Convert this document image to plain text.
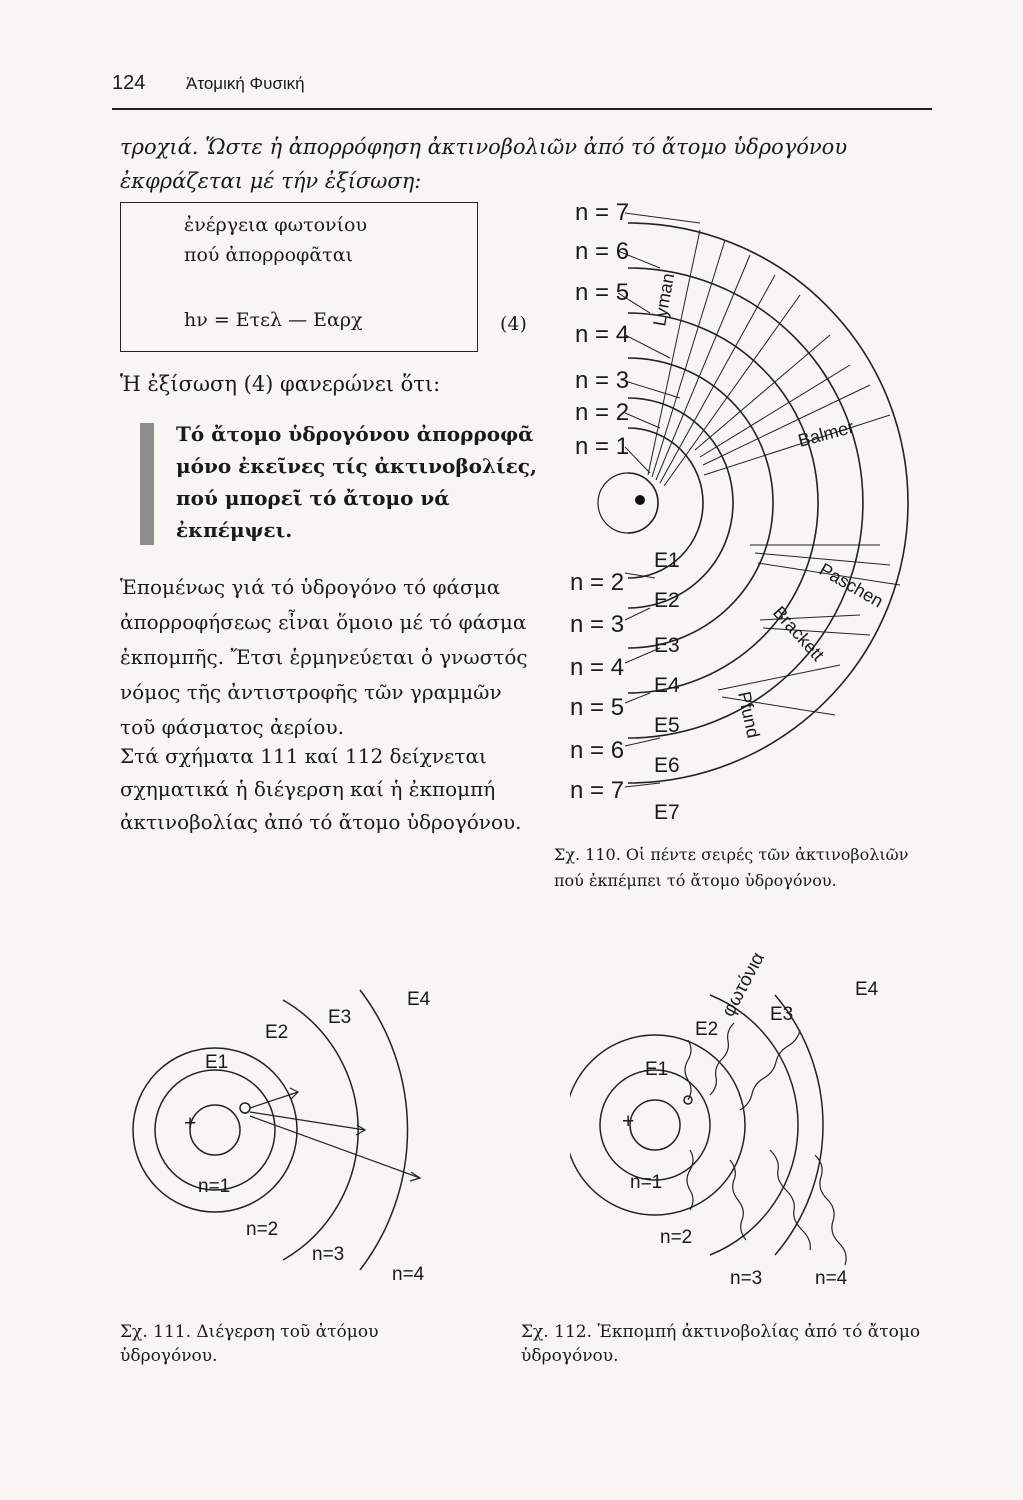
124 Ἀτομική Φυσική
τροχιά. Ὥστε ἡ ἀπορρόφηση ἀκτινοβολιῶν ἀπό τό ἄτομο ὑδρογόνου ἐκφράζεται μέ τήν ἐξίσωση:
ἐνέργεια φωτονίου
πού ἀπορροφᾶται
hν = Eτελ — Eαρχ	(4)
Ἡ ἐξίσωση (4) φανερώνει ὅτι:
Τό ἄτομο ὑδρογόνου ἀπορροφᾶ μόνο ἐκεῖνες τίς ἀκτινοβολίες, πού μπορεῖ τό ἄτομο νά ἐκπέμψει.
Ἑπομένως γιά τό ὑδρογόνο τό φάσμα ἀπορροφήσεως εἶναι ὅμοιο μέ τό φάσμα ἐκπομπῆς. Ἔτσι ἑρμηνεύεται ὁ γνωστός νόμος τῆς ἀντιστροφῆς τῶν γραμμῶν τοῦ φάσματος ἀερίου.
Στά σχήματα 111 καί 112 δείχνεται σχηματικά ἡ διέγερση καί ἡ ἐκπομπή ἀκτινοβολίας ἀπό τό ἄτομο ὑδρογόνου.
n = 7
n = 6
n = 5
n = 4
n = 3
n = 2
n = 1
n = 2
n = 3
n = 4
n = 5
n = 6
n = 7
E1
E2
E3
E4
E5
E6
E7
Lyman
Balmer
Paschen
Brackett
Pfund
Σχ. 110. Οἱ πέντε σειρές τῶν ἀκτινοβολιῶν πού ἐκπέμπει τό ἄτομο ὑδρογόνου.
+
E1
E2
E3
E4
n=1
n=2
n=3
n=4
Σχ. 111. Διέγερση τοῦ ἀτόμου ὑδρογόνου.
+
E1
E2
E3
E4
φωτόνια
n=1
n=2
n=3	n=4
Σχ. 112. Ἐκπομπή ἀκτινοβολίας ἀπό τό ἄτομο ὑδρογόνου.
